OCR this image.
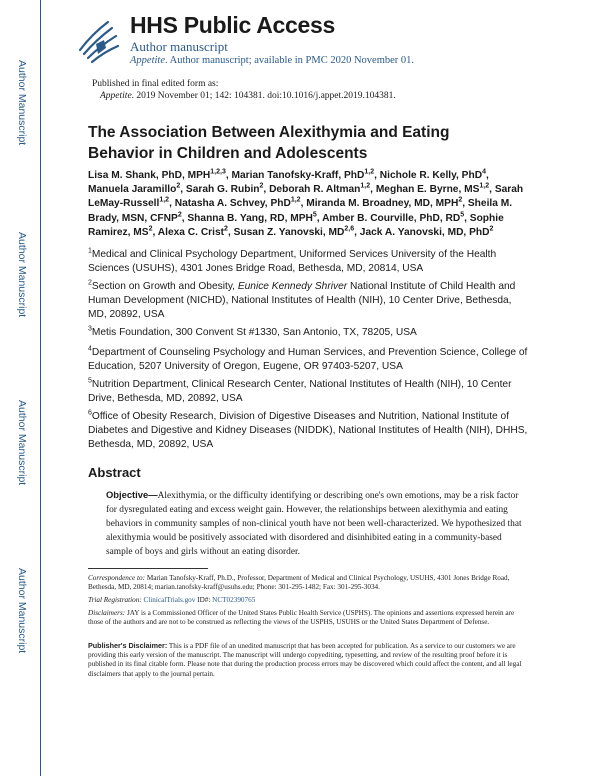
Author Manuscript
Author Manuscript
Author Manuscript
Author Manuscript
HHS Public Access
Author manuscript
Appetite. Author manuscript; available in PMC 2020 November 01.
Published in final edited form as:
Appetite. 2019 November 01; 142: 104381. doi:10.1016/j.appet.2019.104381.
The Association Between Alexithymia and Eating Behavior in Children and Adolescents
Lisa M. Shank, PhD, MPH$^{1,2,3}$, Marian Tanofsky-Kraff, PhD$^{1,2}$, Nichole R. Kelly, PhD$^4$, Manuela Jaramillo$^2$, Sarah G. Rubin$^2$, Deborah R. Altman$^{1,2}$, Meghan E. Byrne, MS$^{1,2}$, Sarah LeMay-Russell$^{1,2}$, Natasha A. Schvey, PhD$^{1,2}$, Miranda M. Broadney, MD, MPH$^2$, Sheila M. Brady, MSN, CFNP$^2$, Shanna B. Yang, RD, MPH$^5$, Amber B. Courville, PhD, $RD^5$, Sophie Ramirez, $MS^2$, Alexa C. Crist$^2$, Susan Z. Yanovski, MD$^{2,6}$, Jack A. Yanovski, MD, PhD$^2$
$^1$Medical and Clinical Psychology Department, Uniformed Services University of the Health Sciences (USUHS), 4301 Jones Bridge Road, Bethesda, MD, 20814, USA
$^2$Section on Growth and Obesity, Eunice Kennedy Shriver National Institute of Child Health and Human Development (NICHD), National Institutes of Health (NIH), 10 Center Drive, Bethesda, MD, 20892, USA
$^3$Metis Foundation, 300 Convent St #1330, San Antonio, TX, 78205, USA
$^4$Department of Counseling Psychology and Human Services, and Prevention Science, College of Education, 5207 University of Oregon, Eugene, OR 97403-5207, USA
$^5$Nutrition Department, Clinical Research Center, National Institutes of Health (NIH), 10 Center Drive, Bethesda, MD, 20892, USA
$^6$Office of Obesity Research, Division of Digestive Diseases and Nutrition, National Institute of Diabetes and Digestive and Kidney Diseases (NIDDK), National Institutes of Health (NIH), DHHS, Bethesda, MD, 20892, USA
Abstract
Objective—Alexithymia, or the difficulty identifying or describing one's own emotions, may be a risk factor for dysregulated eating and excess weight gain. However, the relationships between alexithymia and eating behaviors in community samples of non-clinical youth have not been well-characterized. We hypothesized that alexithymia would be positively associated with disordered and disinhibited eating in a community-based sample of boys and girls without an eating disorder.
Correspondence to: Marian Tanofsky-Kraff, Ph.D., Professor, Department of Medical and Clinical Psychology, USUHS, 4301 Jones Bridge Road, Bethesda, MD, 20814; marian.tanofsky-kraff@usuhs.edu; Phone: 301-295-1482; Fax: 301-295-3034.
Trial Registration: ClinicalTrials.gov ID#: NCT02390765
Disclaimers: JAY is a Commissioned Officer of the United States Public Health Service (USPHS). The opinions and assertions expressed herein are those of the authors and are not to be construed as reflecting the views of the USPHS, USUHS or the United States Department of Defense.
Publisher's Disclaimer: This is a PDF file of an unedited manuscript that has been accepted for publication. As a service to our customers we are providing this early version of the manuscript. The manuscript will undergo copyediting, typesetting, and review of the resulting proof before it is published in its final citable form. Please note that during the production process errors may be discovered which could affect the content, and all legal disclaimers that apply to the journal pertain.
